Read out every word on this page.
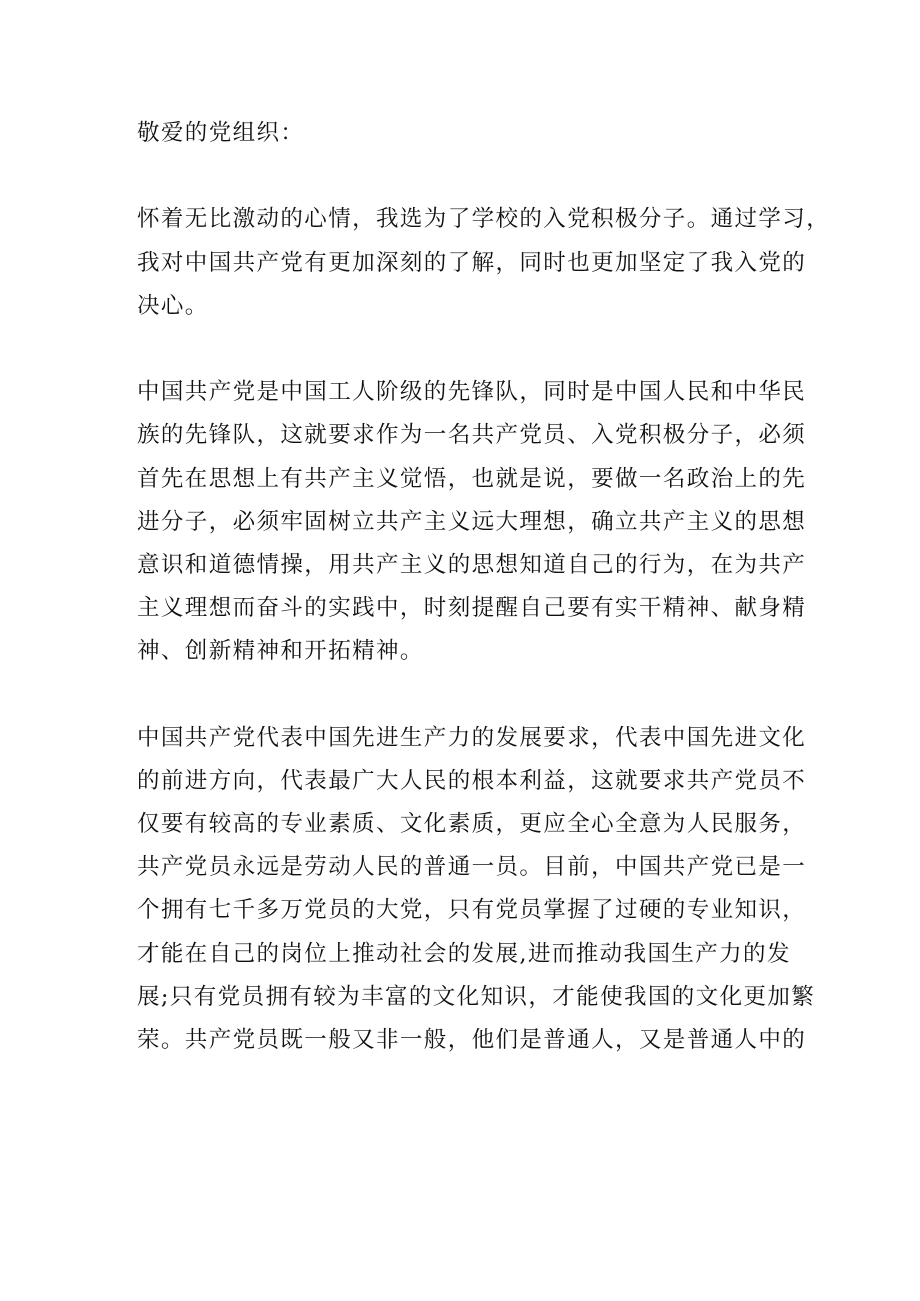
敬爱的党组织：

怀着无比激动的心情，我选为了学校的入党积极分子。通过学习，

我对中国共产党有更加深刻的了解，同时也更加坚定了我入党的

决心。

中国共产党是中国工人阶级的先锋队，同时是中国人民和中华民

族的先锋队，这就要求作为一名共产党员、入党积极分子，必须

首先在思想上有共产主义觉悟，也就是说，要做一名政治上的先

进分子，必须牢固树立共产主义远大理想，确立共产主义的思想

意识和道德情操，用共产主义的思想知道自己的行为，在为共产

主义理想而奋斗的实践中，时刻提醒自己要有实干精神、献身精

神、创新精神和开拓精神。

中国共产党代表中国先进生产力的发展要求，代表中国先进文化

的前进方向，代表最广大人民的根本利益，这就要求共产党员不

仅要有较高的专业素质、文化素质，更应全心全意为人民服务，

共产党员永远是劳动人民的普通一员。目前，中国共产党已是一

个拥有七千多万党员的大党，只有党员掌握了过硬的专业知识，

才能在自己的岗位上推动社会的发展,进而推动我国生产力的发

展;只有党员拥有较为丰富的文化知识，才能使我国的文化更加繁

荣。共产党员既一般又非一般，他们是普通人，又是普通人中的
